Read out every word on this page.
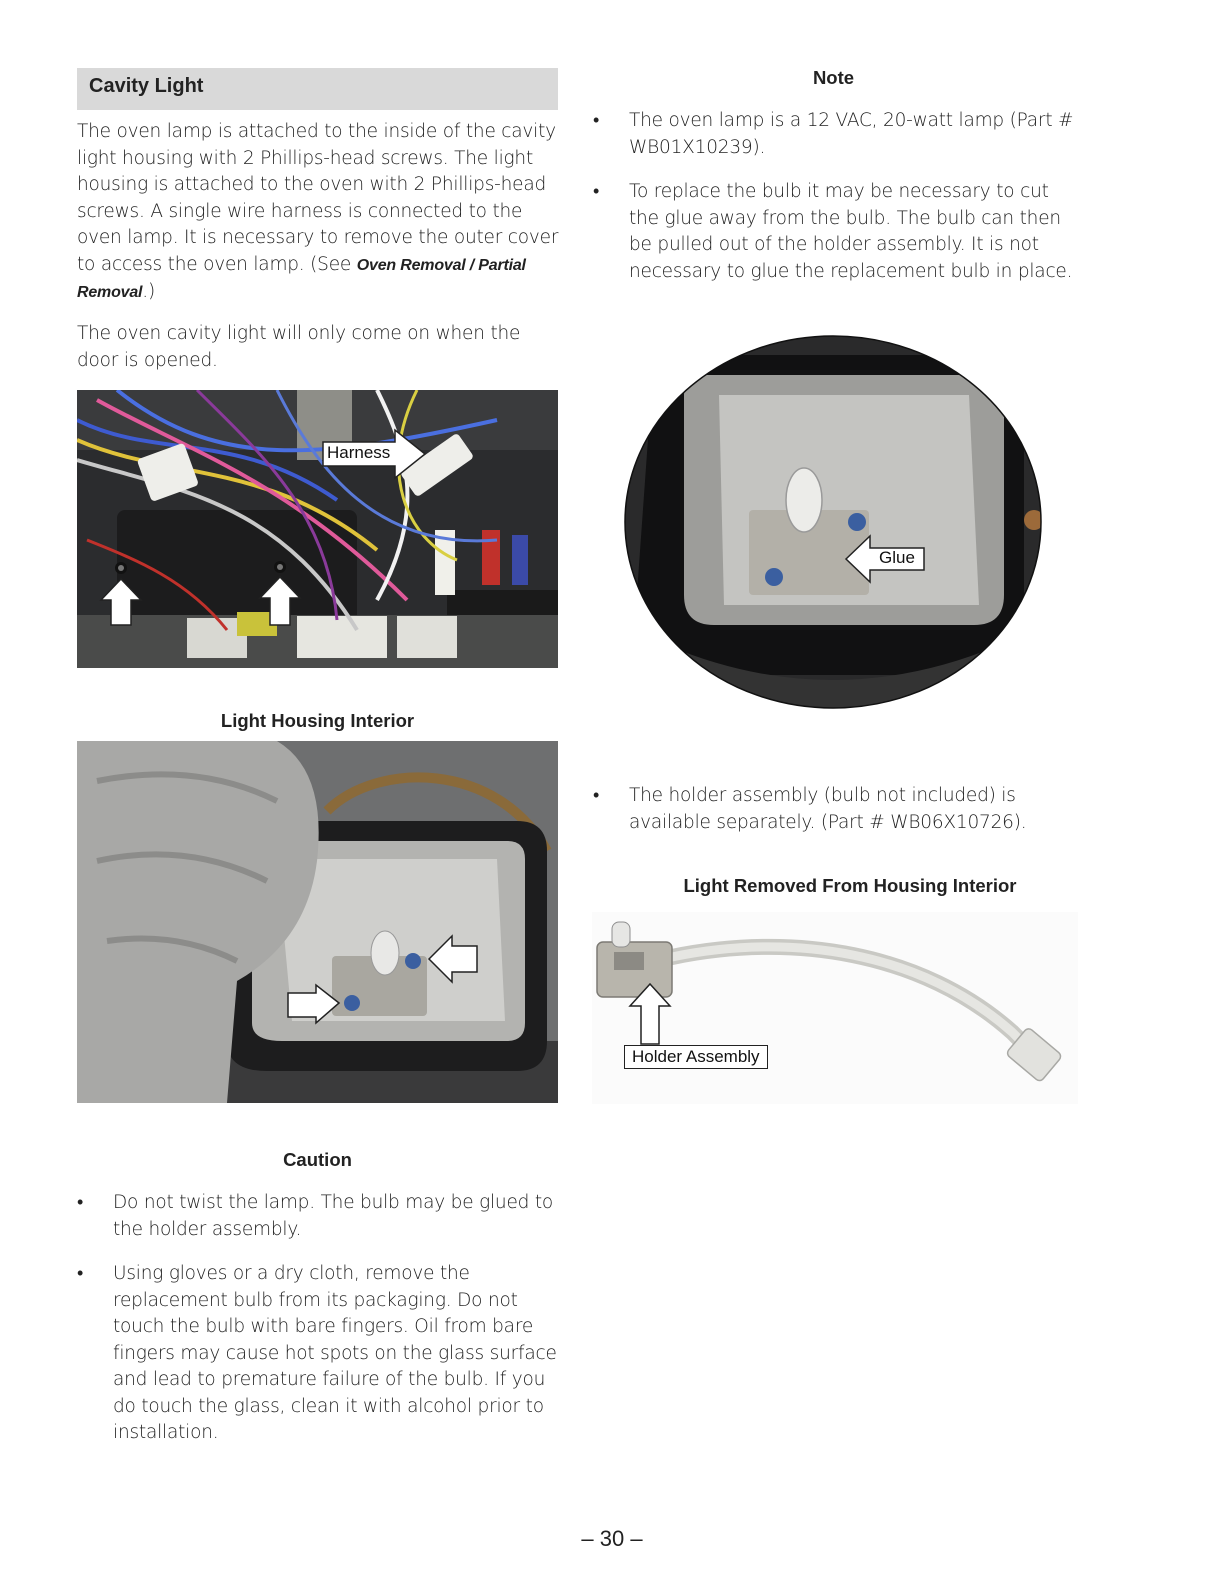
Cavity Light
The oven lamp is attached to the inside of the cavity light housing with 2 Phillips-head screws. The light housing is attached to the oven with 2 Phillips-head screws. A single wire harness is connected to the oven lamp. It is necessary to remove the outer cover to access the oven lamp. (See Oven Removal / Partial Removal.)
The oven cavity light will only come on when the door is opened.
Harness
Light Housing Interior
Caution
•	Do not twist the lamp. The bulb may be glued to the holder assembly.
•	Using gloves or a dry cloth, remove the replacement bulb from its packaging. Do not touch the bulb with bare fingers. Oil from bare fingers may cause hot spots on the glass surface and lead to premature failure of the bulb. If you do touch the glass, clean it with alcohol prior to installation.
Note
•	The oven lamp is a 12 VAC, 20-watt lamp (Part # WB01X10239).
•	To replace the bulb it may be necessary to cut the glue away from the bulb. The bulb can then be pulled out of the holder assembly. It is not necessary to glue the replacement bulb in place.
Glue
•	The holder assembly (bulb not included) is available separately. (Part # WB06X10726).
Light Removed From Housing Interior
Holder Assembly
– 30 –
